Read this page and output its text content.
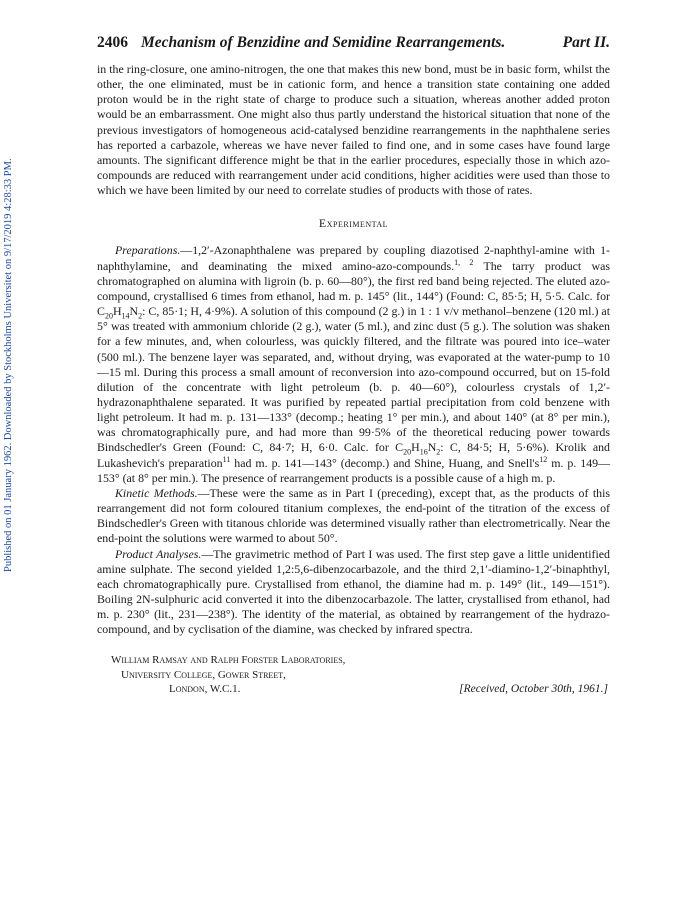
Published on 01 January 1962. Downloaded by Stockholms Universitet on 9/17/2019 4:28:33 PM.
2406 Mechanism of Benzidine and Semidine Rearrangements.	Part II.

in the ring-closure, one amino-nitrogen, the one that makes this new bond, must be in basic form, whilst the other, the one eliminated, must be in cationic form, and hence a transition state containing one added proton would be in the right state of charge to produce such a situation, whereas another added proton would be an embarrassment. One might also thus partly understand the historical situation that none of the previous investigators of homogeneous acid-catalysed benzidine rearrangements in the naphthalene series has reported a carbazole, whereas we have never failed to find one, and in some cases have found large amounts. The significant difference might be that in the earlier procedures, especially those in which azo-compounds are reduced with rearrangement under acid conditions, higher acidities were used than those to which we have been limited by our need to correlate studies of products with those of rates.

Experimental

Preparations.—1,2′-Azonaphthalene was prepared by coupling diazotised 2-naphthyl-amine with 1-naphthylamine, and deaminating the mixed amino-azo-compounds.$^{1, 2}$ The tarry product was chromatographed on alumina with ligroin (b. p. 60—80°), the first red band being rejected. The eluted azo-compound, crystallised 6 times from ethanol, had m. p. 145° (lit., 144°) (Found: C, 85·5; H, 5·5. Calc. for $C_{20}H_{14}N_2$: C, 85·1; H, 4·9%). A solution of this compound (2 g.) in 1 : 1 v/v methanol–benzene (120 ml.) at 5° was treated with ammonium chloride (2 g.), water (5 ml.), and zinc dust (5 g.). The solution was shaken for a few minutes, and, when colourless, was quickly filtered, and the filtrate was poured into ice–water (500 ml.). The benzene layer was separated, and, without drying, was evaporated at the water-pump to 10—15 ml. During this process a small amount of reconversion into azo-compound occurred, but on 15-fold dilution of the concentrate with light petroleum (b. p. 40—60°), colourless crystals of 1,2′-hydrazonaphthalene separated. It was purified by repeated partial precipitation from cold benzene with light petroleum. It had m. p. 131—133° (decomp.; heating 1° per min.), and about 140° (at 8° per min.), was chromatographically pure, and had more than 99·5% of the theoretical reducing power towards Bindschedler's Green (Found: C, 84·7; H, 6·0. Calc. for $C_{20}H_{16}N_2$: C, 84·5; H, 5·6%). Krolik and Lukashevich's preparation$^{11}$ had m. p. 141—143° (decomp.) and Shine, Huang, and $Snell's^{12}$ m. p. 149—153° (at 8° per min.). The presence of rearrangement products is a possible cause of a high m. p.

Kinetic Methods.—These were the same as in Part I (preceding), except that, as the products of this rearrangement did not form coloured titanium complexes, the end-point of the titration of the excess of Bindschedler's Green with titanous chloride was determined visually rather than electrometrically. Near the end-point the solutions were warmed to about 50°.

Product Analyses.—The gravimetric method of Part I was used. The first step gave a little unidentified amine sulphate. The second yielded 1,2:5,6-dibenzocarbazole, and the third 2,1′-diamino-1,2′-binaphthyl, each chromatographically pure. Crystallised from ethanol, the diamine had m. p. 149° (lit., 149—151°). Boiling 2N-sulphuric acid converted it into the dibenzocarbazole. The latter, crystallised from ethanol, had m. p. 230° (lit., 231—238°). The identity of the material, as obtained by rearrangement of the hydrazo-compound, and by cyclisation of the diamine, was checked by infrared spectra.

William Ramsay and Ralph Forster Laboratories,
University College, Gower Street,
London, W.C.1.	[Received, October 30th, 1961.]
